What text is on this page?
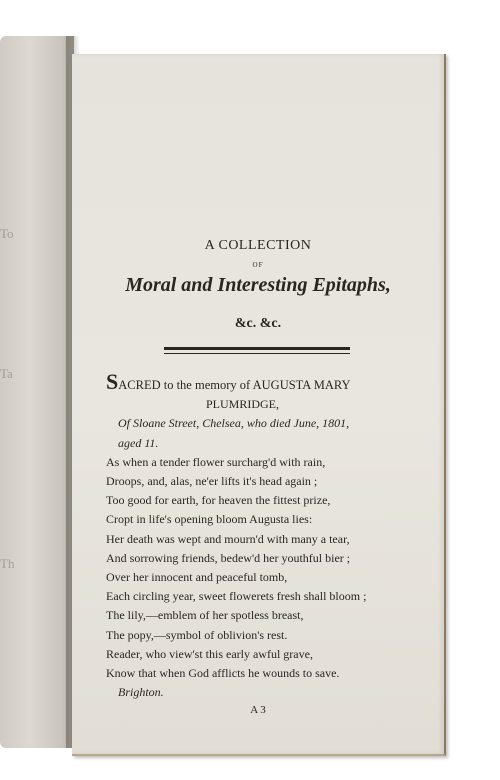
To
Ta
Th
A COLLECTION
OF
Moral and Interesting Epitaphs,
&c. &c.
SACRED to the memory of AUGUSTA MARY
PLUMRIDGE,
Of Sloane Street, Chelsea, who died June, 1801,
aged 11.
As when a tender flower surcharg'd with rain,
Droops, and, alas, ne'er lifts it's head again ;
Too good for earth, for heaven the fittest prize,
Cropt in life's opening bloom Augusta lies:
Her death was wept and mourn'd with many a tear,
And sorrowing friends, bedew'd her youthful bier ;
Over her innocent and peaceful tomb,
Each circling year, sweet flowerets fresh shall bloom ;
The lily,—emblem of her spotless breast,
The popy,—symbol of oblivion's rest.
Reader, who view'st this early awful grave,
Know that when God afflicts he wounds to save.
Brighton.
A 3
